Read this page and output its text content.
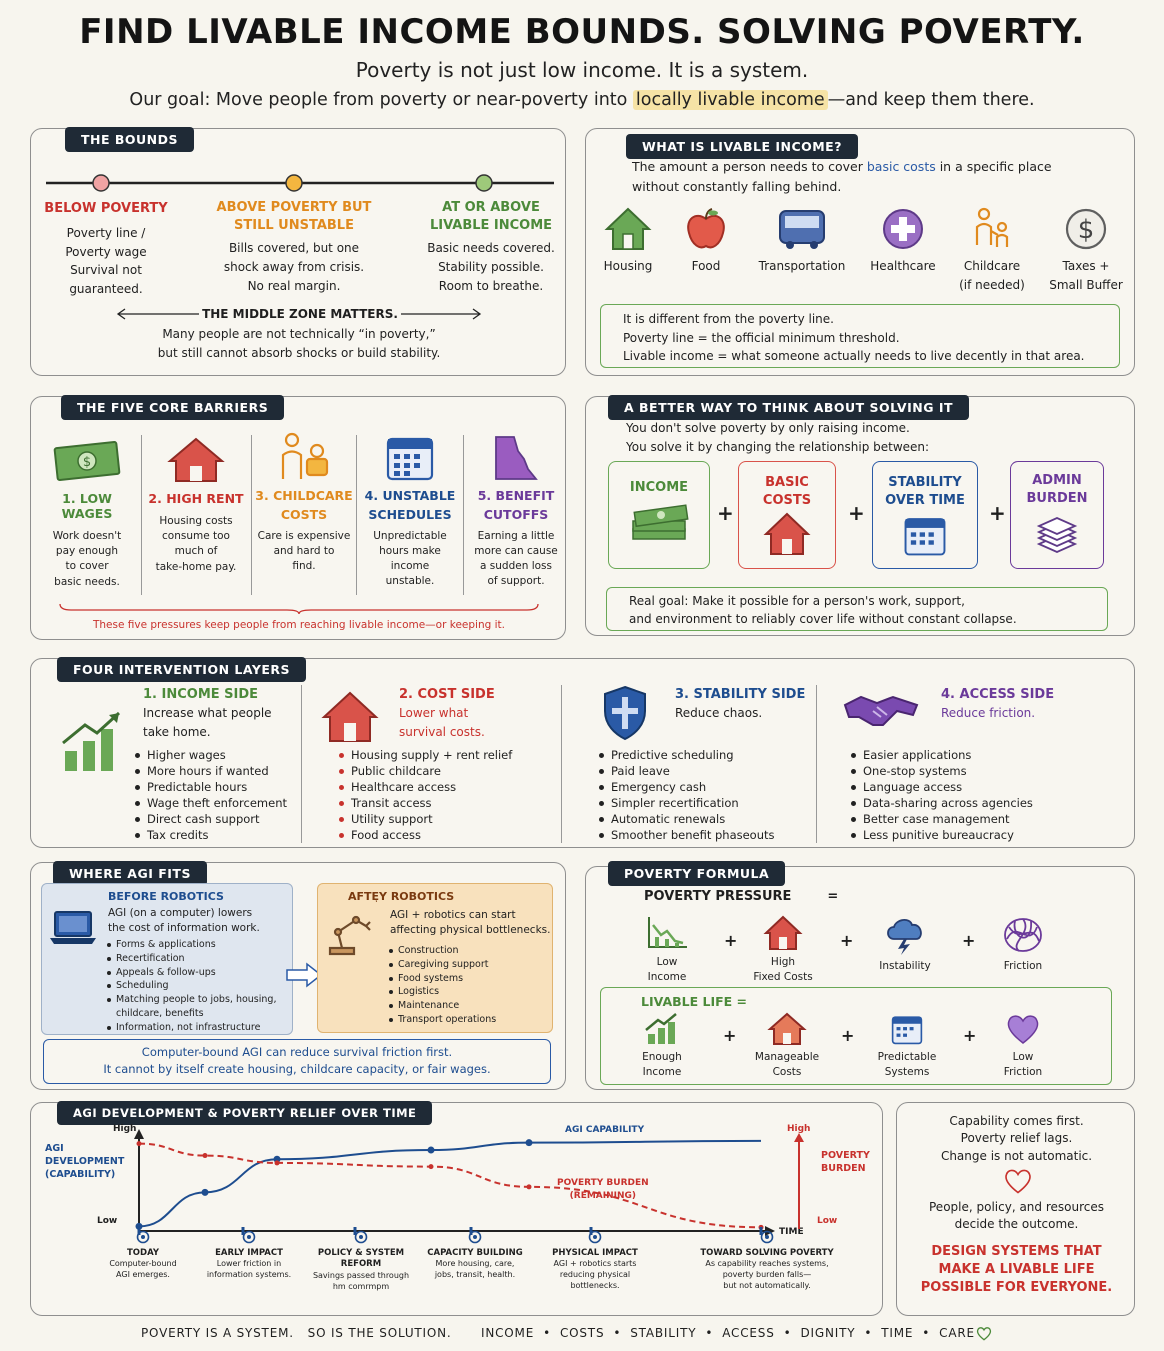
FIND LIVABLE INCOME BOUNDS. SOLVING POVERTY.
Poverty is not just low income. It is a system.
Our goal: Move people from poverty or near-poverty into locally livable income —and keep them there.
THE BOUNDS
BELOW POVERTY
Poverty line /
Poverty wage
Survival not
guaranteed.
ABOVE POVERTY BUT STILL UNSTABLE
Bills covered, but one
shock away from crisis.
No real margin.
AT OR ABOVE LIVABLE INCOME
Basic needs covered.
Stability possible.
Room to breathe.
THE MIDDLE ZONE MATTERS.
Many people are not technically “in poverty,”
but still cannot absorb shocks or build stability.
WHAT IS LIVABLE INCOME?
The amount a person needs to cover basic costs in a specific place
without constantly falling behind.
Housing	Food	Transportation	Healthcare	Childcare
(if needed)
$
Taxes +
Small Buffer
It is different from the poverty line.
Poverty line = the official minimum threshold.
Livable income = what someone actually needs to live decently in that area.
THE FIVE CORE BARRIERS
$
1. LOW WAGES
Work doesn't
pay enough
to cover
basic needs.
2. HIGH RENT
Housing costs
consume too
much of
take-home pay.
3. CHILDCARE COSTS
Care is expensive
and hard to
find.
4. UNSTABLE SCHEDULES
Unpredictable
hours make
income
unstable.
5. BENEFIT CUTOFFS
Earning a little
more can cause
a sudden loss
of support.
These five pressures keep people from reaching livable income—or keeping it.
A BETTER WAY TO THINK ABOUT SOLVING IT
You don't solve poverty by only raising income.
You solve it by changing the relationship between:
INCOME
+
BASIC COSTS
+
STABILITY OVER TIME
+
ADMIN BURDEN
Real goal: Make it possible for a person's work, support,
and environment to reliably cover life without constant collapse.
FOUR INTERVENTION LAYERS
1. INCOME SIDE
Increase what people
take home.
Higher wages
More hours if wanted
Predictable hours
Wage theft enforcement
Direct cash support
Tax credits
2. COST SIDE
Lower what
survival costs.
Housing supply + rent relief
Public childcare
Healthcare access
Transit access
Utility support
Food access
3. STABILITY SIDE
Reduce chaos.
Predictive scheduling
Paid leave
Emergency cash
Simpler recertification
Automatic renewals
Smoother benefit phaseouts
4. ACCESS SIDE
Reduce friction.
Easier applications
One-stop systems
Language access
Data-sharing across agencies
Better case management
Less punitive bureaucracy
WHERE AGI FITS
BEFORE ROBOTICS
AGI (on a computer) lowers
the cost of information work.
Forms & applications
Recertification
Appeals & follow-ups
Scheduling
Matching people to jobs, housing, childcare, benefits
Information, not infrastructure
AFTEͅY ROBOTICS
AGI + robotics can start
affecting physical bottlenecks.
Construction
Caregiving support
Food systems
Logistics
Maintenance
Transport operations
Computer-bound AGI can reduce survival friction first.
It cannot by itself create housing, childcare capacity, or fair wages.
POVERTY FORMULA
POVERTY PRESSURE	=
Low
Income
+
High
Fixed Costs
+
Instability
+
Friction
LIVABLE LIFE =
Enough
Income
+
Manageable
Costs
+
Predictable
Systems
+
Low
Friction
AGI DEVELOPMENT & POVERTY RELIEF OVER TIME
AGI
DEVELOPMENT
(CAPABILITY)
High
Low
TIME
AGI CAPABILITY
POVERTY BURDEN
(REMAINING)
High
Low
POVERTY
BURDEN
TODAY
Computer-bound
AGI emerges.
EARLY IMPACT
Lower friction in
information systems.
POLICY & SYSTEM
REFORM
Savings passed through
hm comrmpm
CAPACITY BUILDING
More housing, care,
jobs, transit, health.
PHYSICAL IMPACT
AGI + robotics starts
reducing physical
bottlenecks.
TOWARD SOLVING POVERTY
As capability reaches systems,
poverty burden falls—
but not automatically.
Capability comes first.
Poverty relief lags.
Change is not automatic.
People, policy, and resources
decide the outcome.
DESIGN SYSTEMS THAT
MAKE A LIVABLE LIFE
POSSIBLE FOR EVERYONE.
POVERTY IS A SYSTEM.   SO IS THE SOLUTION. INCOME • COSTS • STABILITY • ACCESS • DIGNITY • TIME • CARE
